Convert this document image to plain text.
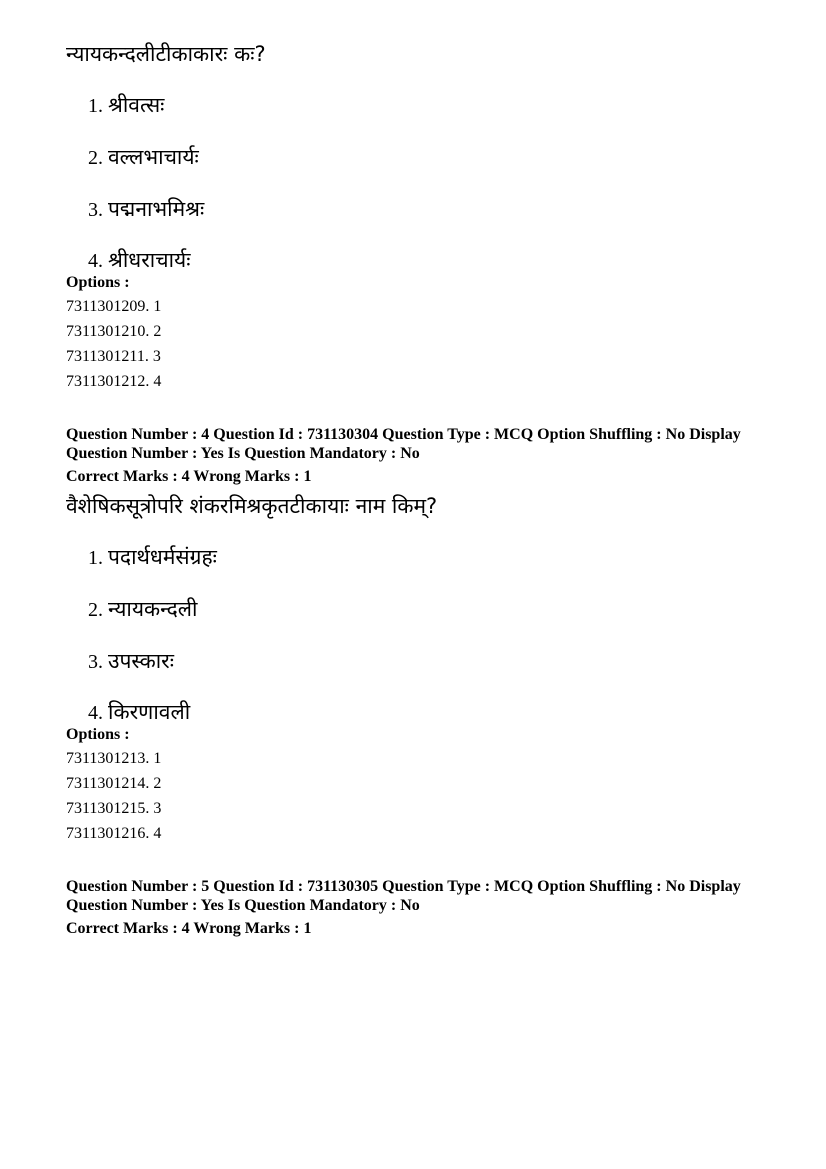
न्यायकन्दलीटीकाकारः कः?
1. श्रीवत्सः
2. वल्लभाचार्यः
3. पद्मनाभमिश्रः
4. श्रीधराचार्यः
Options :
7311301209. 1
7311301210. 2
7311301211. 3
7311301212. 4
Question Number : 4 Question Id : 731130304 Question Type : MCQ Option Shuffling : No Display
Question Number : Yes Is Question Mandatory : No
Correct Marks : 4 Wrong Marks : 1
वैशेषिकसूत्रोपरि शंकरमिश्रकृतटीकायाः नाम किम्?
1. पदार्थधर्मसंग्रहः
2. न्यायकन्दली
3. उपस्कारः
4. किरणावली
Options :
7311301213. 1
7311301214. 2
7311301215. 3
7311301216. 4
Question Number : 5 Question Id : 731130305 Question Type : MCQ Option Shuffling : No Display
Question Number : Yes Is Question Mandatory : No
Correct Marks : 4 Wrong Marks : 1
